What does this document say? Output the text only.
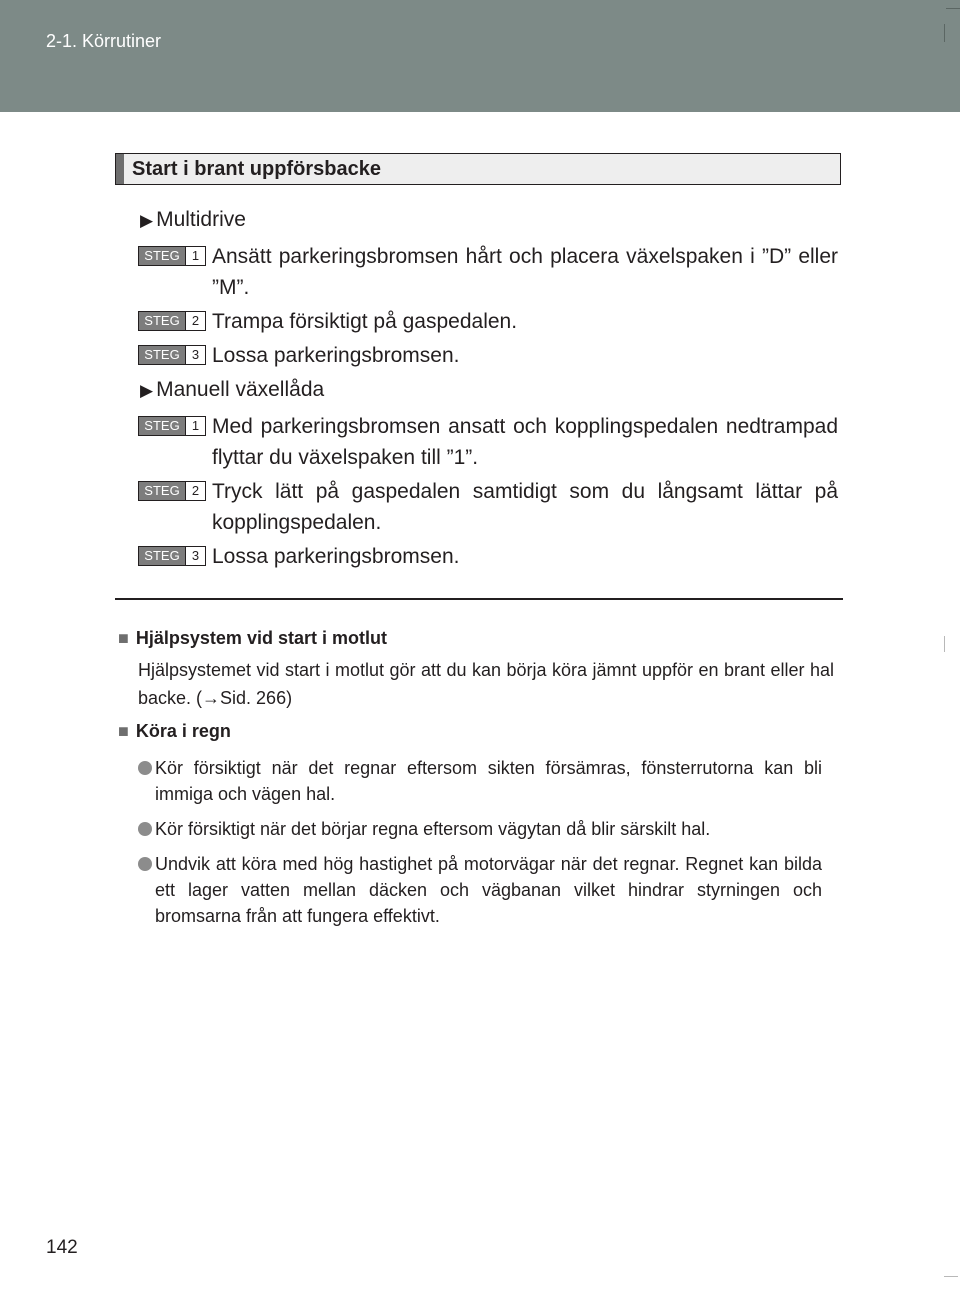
2-1. Körrutiner
Start i brant uppförsbacke
▶ Multidrive
STEG 1 Ansätt parkeringsbromsen hårt och placera växelspaken i ”D” eller ”M”.
STEG 2 Trampa försiktigt på gaspedalen.
STEG 3 Lossa parkeringsbromsen.
▶ Manuell växellåda
STEG 1 Med parkeringsbromsen ansatt och kopplingspedalen nedtrampad flyttar du växelspaken till ”1”.
STEG 2 Tryck lätt på gaspedalen samtidigt som du långsamt lättar på kopplingspedalen.
STEG 3 Lossa parkeringsbromsen.
■ Hjälpsystem vid start i motlut
Hjälpsystemet vid start i motlut gör att du kan börja köra jämnt uppför en brant eller hal backe. (→Sid. 266)
■ Köra i regn
Kör försiktigt när det regnar eftersom sikten försämras, fönsterrutorna kan bli immiga och vägen hal.
Kör försiktigt när det börjar regna eftersom vägytan då blir särskilt hal.
Undvik att köra med hög hastighet på motorvägar när det regnar. Regnet kan bilda ett lager vatten mellan däcken och vägbanan vilket hindrar styrningen och bromsarna från att fungera effektivt.
142
